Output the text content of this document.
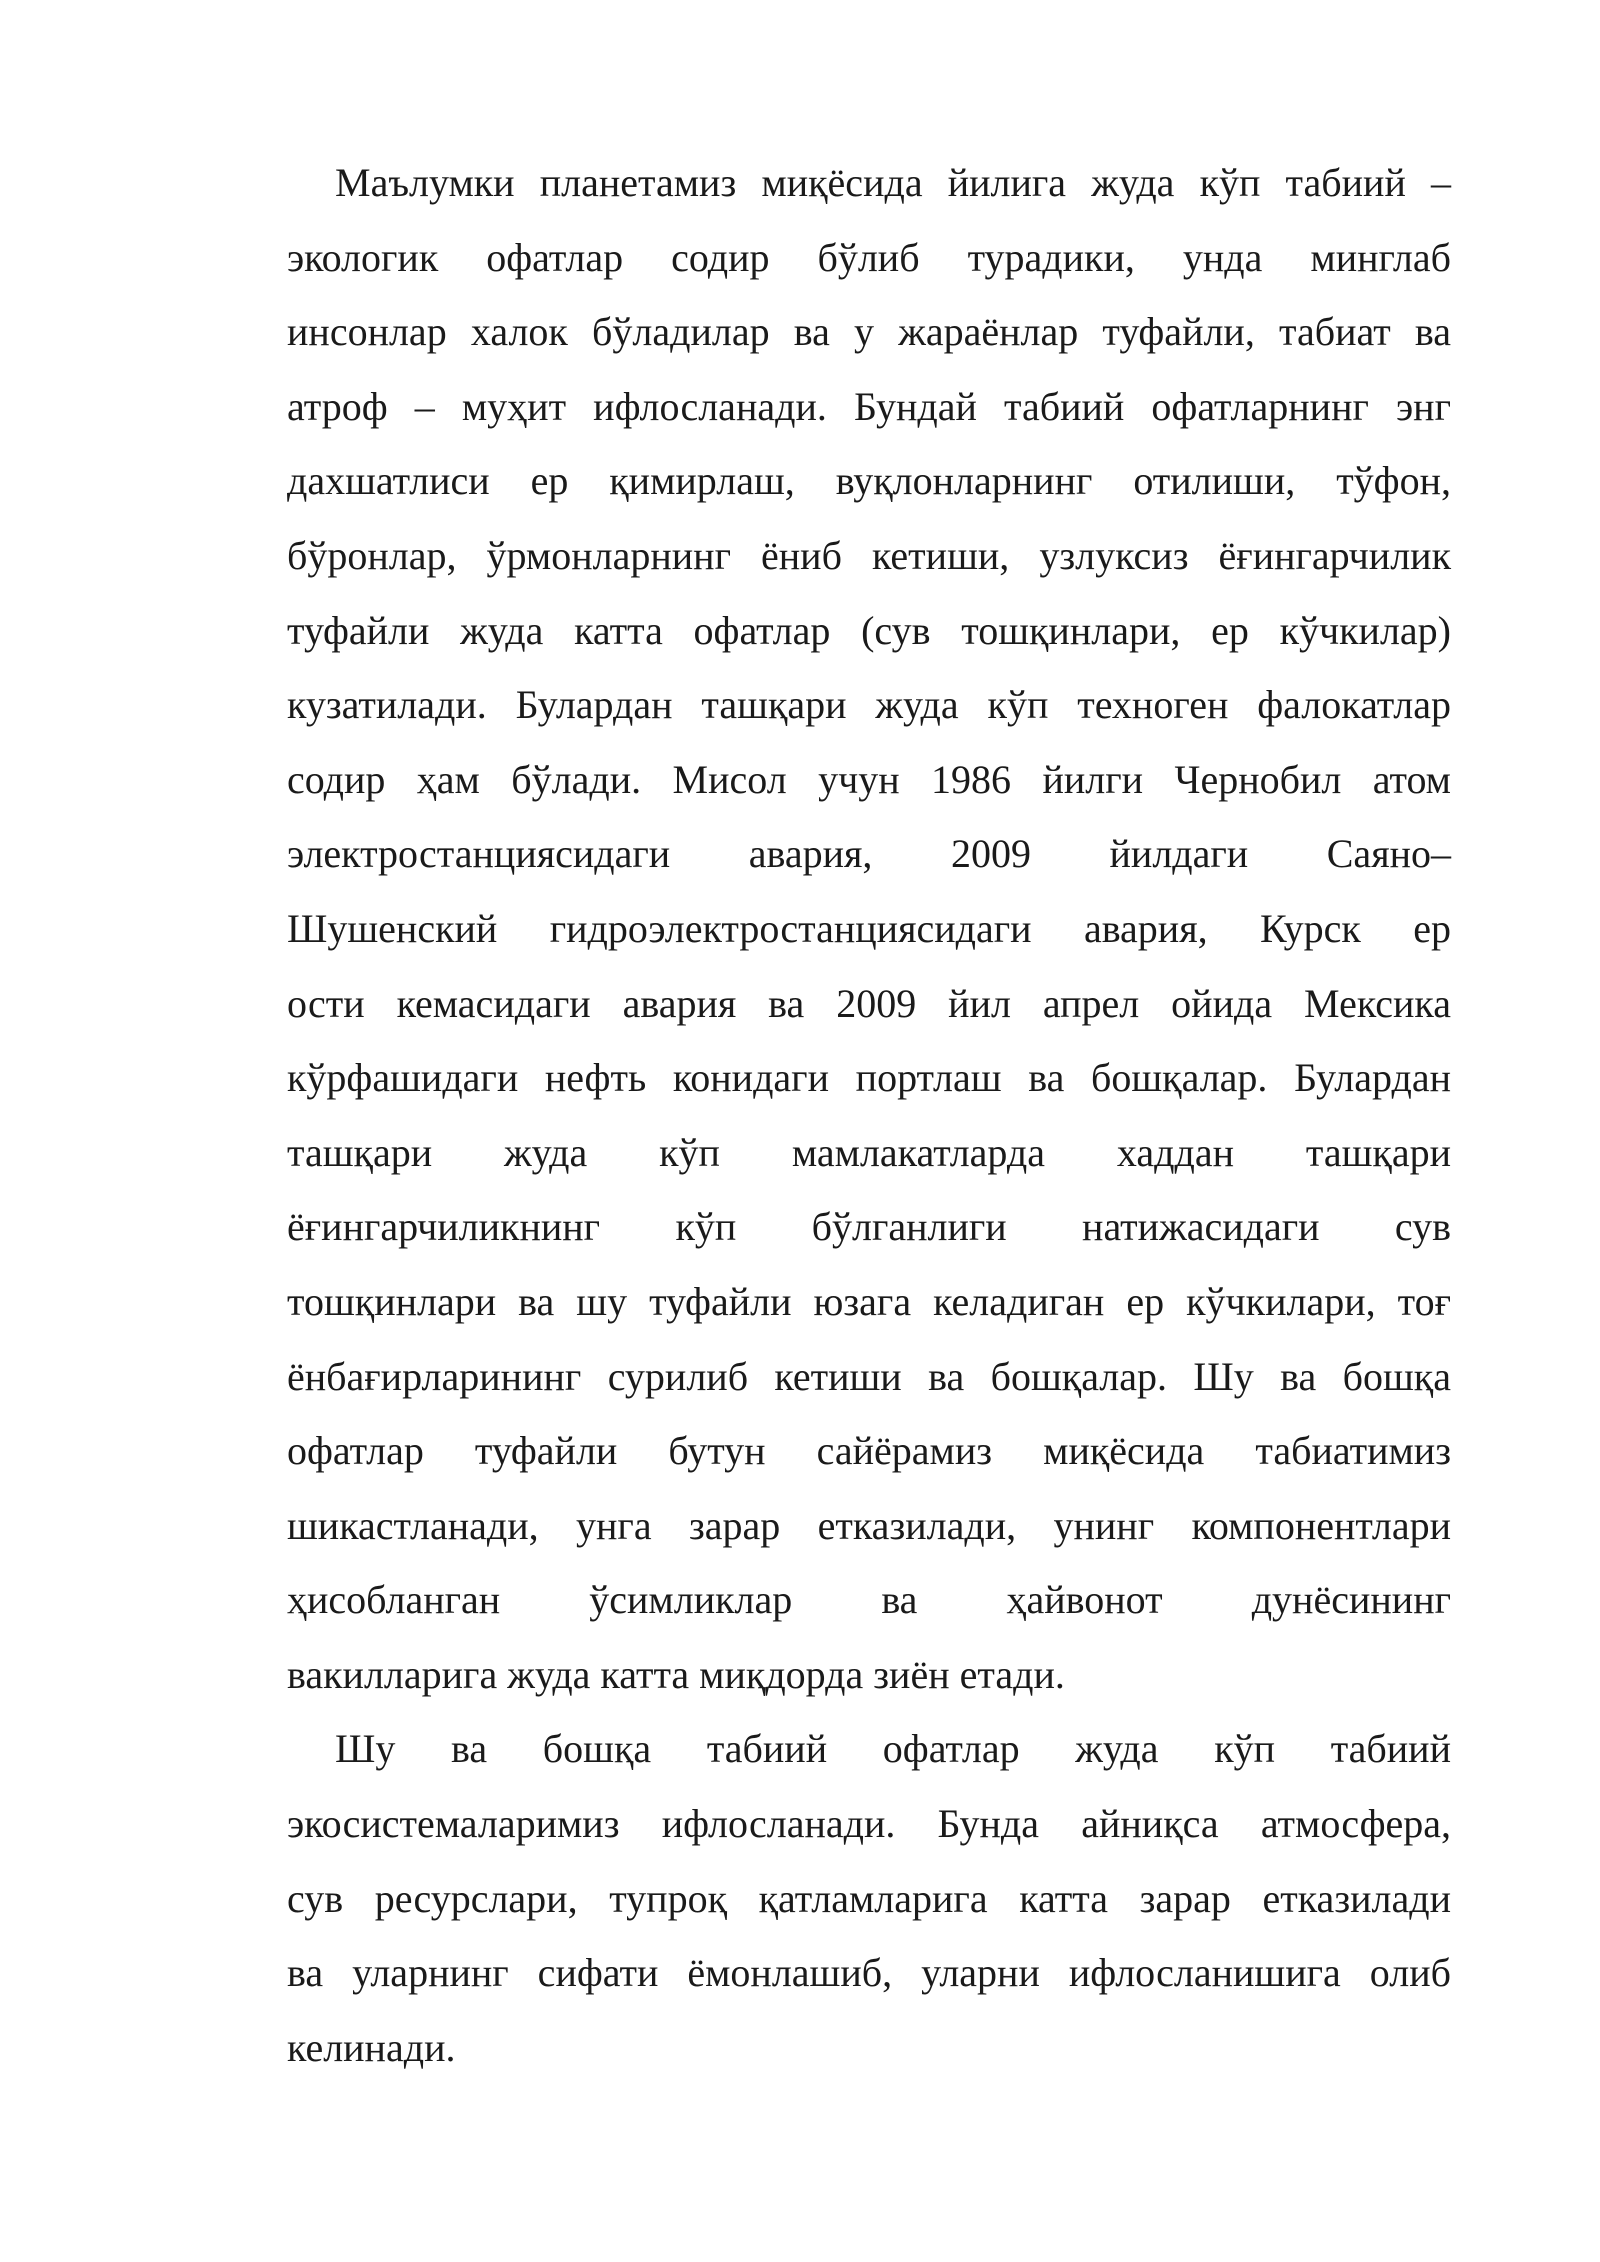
Маълумки планетамиз миқёсида йилига жуда кўп табиий –
экологик офатлар содир бўлиб турадики, унда минглаб
инсонлар халок бўладилар ва у жараёнлар туфайли, табиат ва
атроф – муҳит ифлосланади. Бундай табиий офатларнинг энг
дахшатлиси ер қимирлаш, вуқлонларнинг отилиши, тўфон,
бўронлар, ўрмонларнинг ёниб кетиши, узлуксиз ёғингарчилик
туфайли жуда катта офатлар (сув тошқинлари, ер кўчкилар)
кузатилади. Булардан ташқари жуда кўп техноген фалокатлар
содир ҳам бўлади. Мисол учун 1986 йилги Чернобил атом
электростанциясидаги авария, 2009 йилдаги Саяно–
Шушенский гидроэлектростанциясидаги авария, Курск ер
ости кемасидаги авария ва 2009 йил апрел ойида Мексика
кўрфашидаги нефть конидаги портлаш ва бошқалар. Булардан
ташқари жуда кўп мамлакатларда хаддан ташқари
ёғингарчиликнинг кўп бўлганлиги натижасидаги сув
тошқинлари ва шу туфайли юзага келадиган ер кўчкилари, тоғ
ёнбағирларининг сурилиб кетиши ва бошқалар. Шу ва бошқа
офатлар туфайли бутун сайёрамиз миқёсида табиатимиз
шикастланади, унга зарар етказилади, унинг компонентлари
ҳисобланган ўсимликлар ва ҳайвонот дунёсининг
вакилларига жуда катта миқдорда зиён етади.
Шу ва бошқа табиий офатлар жуда кўп табиий
экосистемаларимиз ифлосланади. Бунда айниқса атмосфера,
сув ресурслари, тупроқ қатламларига катта зарар етказилади
ва уларнинг сифати ёмонлашиб, уларни ифлосланишига олиб
келинади.
